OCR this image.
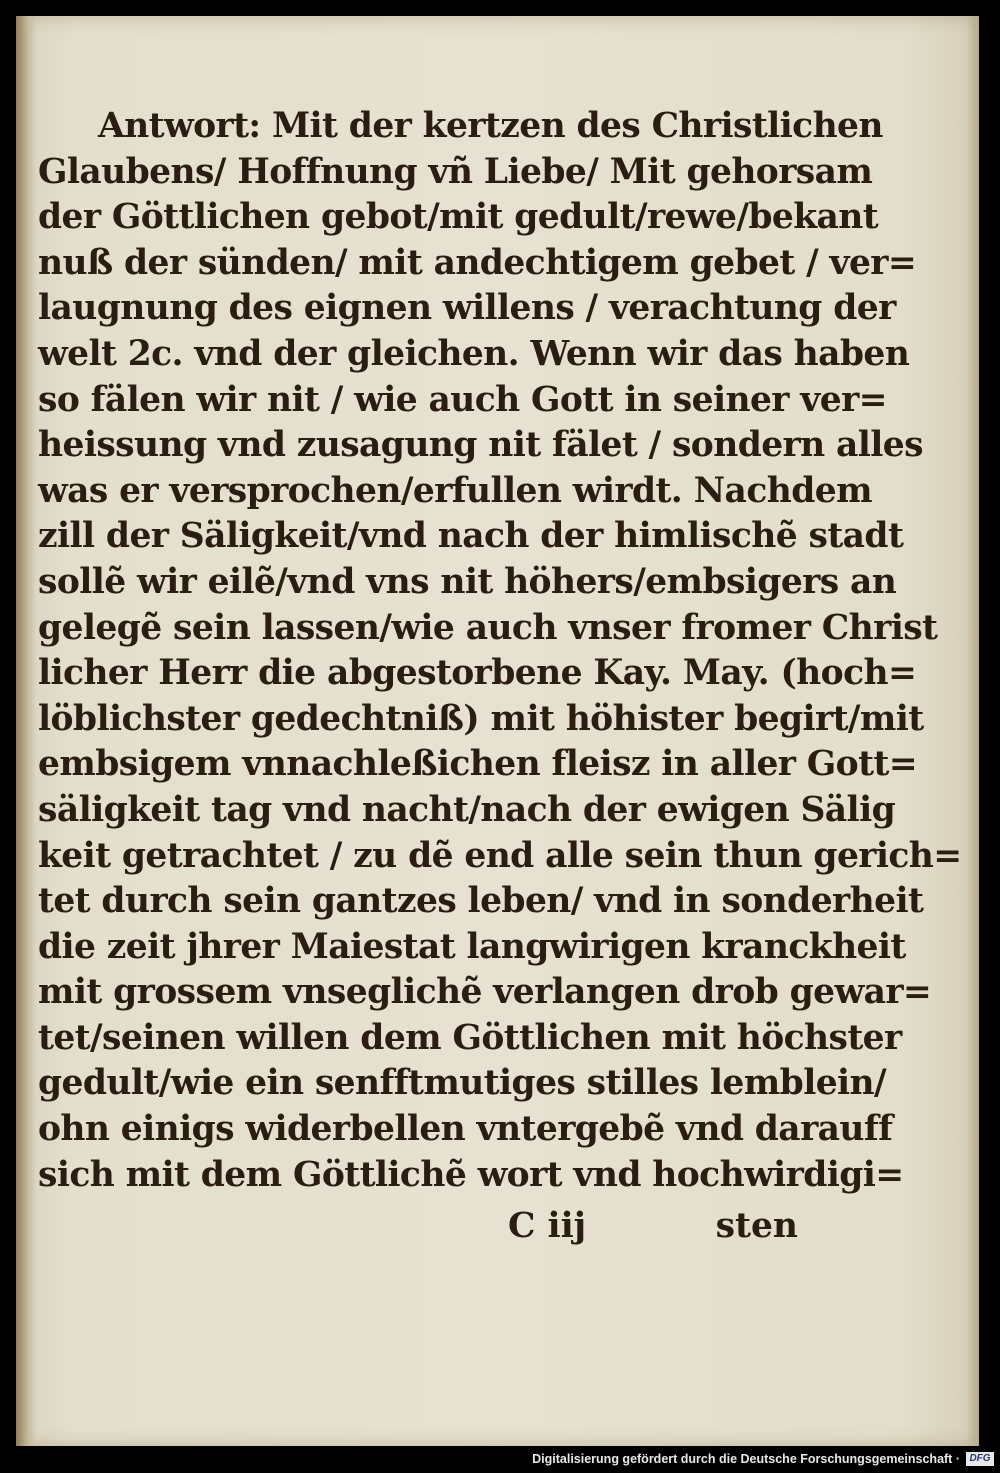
Antwort: Mit der kertzen des Christlichen
Glaubens/ Hoffnung vñ Liebe/ Mit gehorsam
der Göttlichen gebot/mit gedult/rewe/bekant
nuß der sünden/ mit andechtigem gebet / ver=
laugnung des eignen willens / verachtung der
welt 2c. vnd der gleichen. Wenn wir das haben
so fälen wir nit / wie auch Gott in seiner ver=
heissung vnd zusagung nit fälet / sondern alles
was er versprochen/erfullen wirdt. Nachdem
zill der Säligkeit/vnd nach der himlischẽ stadt
sollẽ wir eilẽ/vnd vns nit höhers/embsigers an
gelegẽ sein lassen/wie auch vnser fromer Christ
licher Herr die abgestorbene Kay. May. (hoch=
löblichster gedechtniß) mit höhister begirt/mit
embsigem vnnachleßichen fleisz in aller Gott=
säligkeit tag vnd nacht/nach der ewigen Sälig
keit getrachtet / zu dẽ end alle sein thun gerich=
tet durch sein gantzes leben/ vnd in sonderheit
die zeit jhrer Maiestat langwirigen kranckheit
mit grossem vnseglichẽ verlangen drob gewar=
tet/seinen willen dem Göttlichen mit höchster
gedult/wie ein senfftmutiges stilles lemblein/
ohn einigs widerbellen vntergebẽ vnd darauff
sich mit dem Göttlichẽ wort vnd hochwirdigi=
C iij	sten
Digitalisierung gefördert durch die Deutsche Forschungsgemeinschaft · DFG
